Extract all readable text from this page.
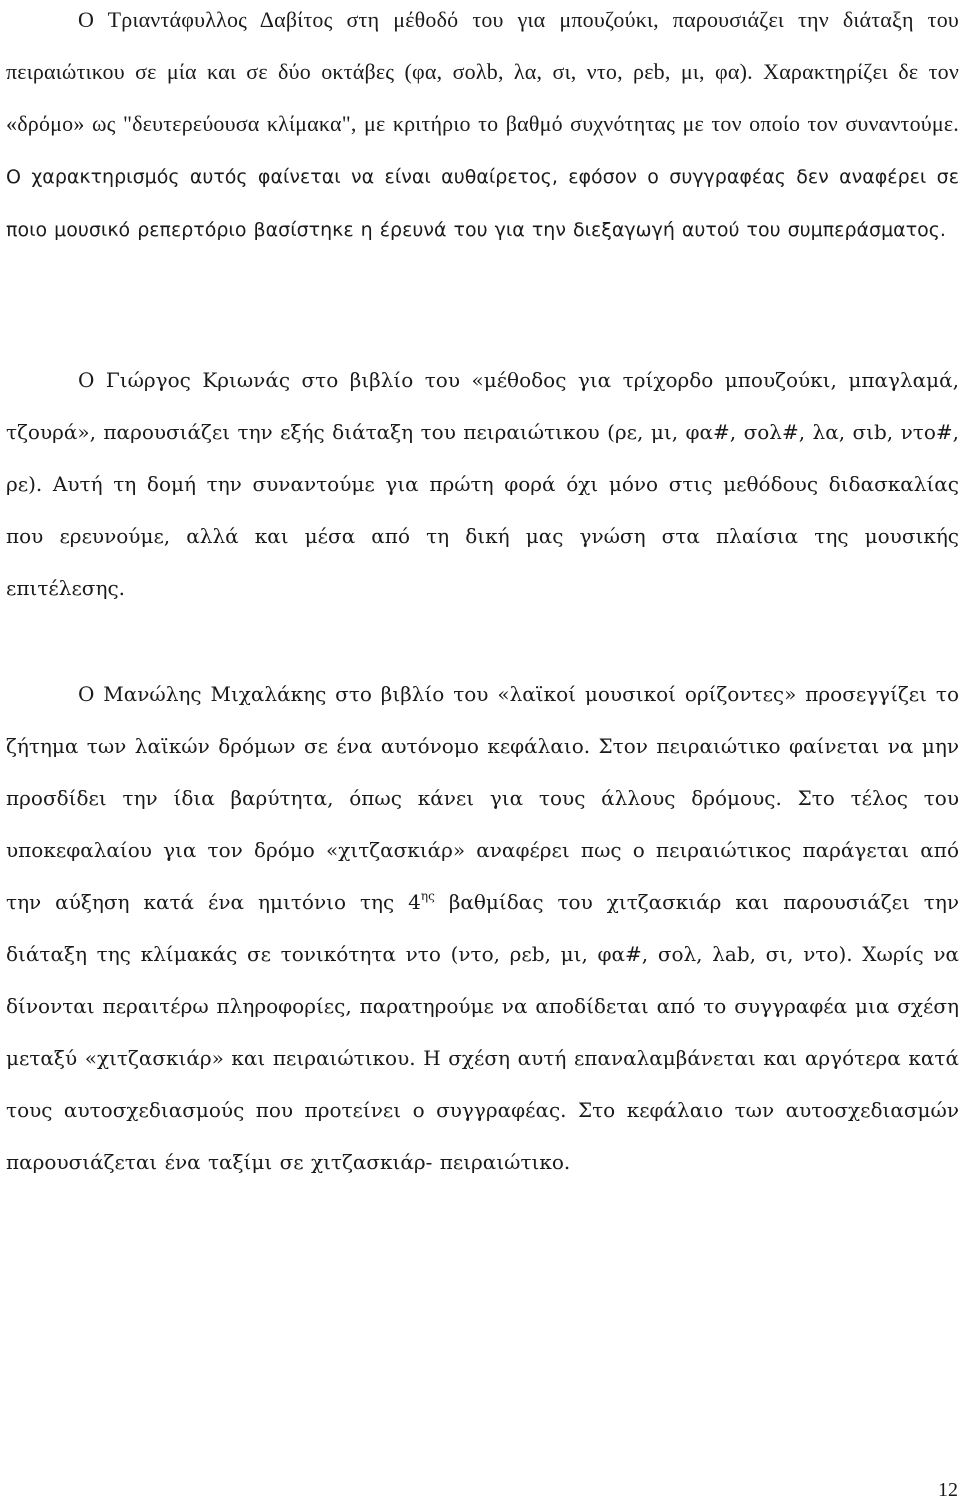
Ο Τριαντάφυλλος Δαβίτος στη μέθοδό του για μπουζούκι, παρουσιάζει την διάταξη του πειραιώτικου σε μία και σε δύο οκτάβες (φα, σολb, λα, σι, ντο, ρεb, μι, φα). Χαρακτηρίζει δε τον «δρόμο» ως "δευτερεύουσα κλίμακα", με κριτήριο το βαθμό συχνότητας με τον οποίο τον συναντούμε. Ο χαρακτηρισμός αυτός φαίνεται να είναι αυθαίρετος, εφόσον ο συγγραφέας δεν αναφέρει σε ποιο μουσικό ρεπερτόριο βασίστηκε η έρευνά του για την διεξαγωγή αυτού του συμπεράσματος.

Ο Γιώργος Κριωνάς στο βιβλίο του «μέθοδος για τρίχορδο μπουζούκι, μπαγλαμά, τζουρά», παρουσιάζει την εξής διάταξη του πειραιώτικου (ρε, μι, φα#, σολ#, λα, σιb, ντο#, ρε). Αυτή τη δομή την συναντούμε για πρώτη φορά όχι μόνο στις μεθόδους διδασκαλίας που ερευνούμε, αλλά και μέσα από τη δική μας γνώση στα πλαίσια της μουσικής επιτέλεσης.

Ο Μανώλης Μιχαλάκης στο βιβλίο του «λαϊκοί μουσικοί ορίζοντες» προσεγγίζει το ζήτημα των λαϊκών δρόμων σε ένα αυτόνομο κεφάλαιο. Στον πειραιώτικο φαίνεται να μην προσδίδει την ίδια βαρύτητα, όπως κάνει για τους άλλους δρόμους. Στο τέλος του υποκεφαλαίου για τον δρόμο «χιτζασκιάρ» αναφέρει πως ο πειραιώτικος παράγεται από την αύξηση κατά ένα ημιτόνιο της $4^{\eta\varsigma}$ βαθμίδας του χιτζασκιάρ και παρουσιάζει την διάταξη της κλίμακάς σε τονικότητα ντο (ντο, ρεb, μι, φα#, σολ, λab, σι, ντο). Χωρίς να δίνονται περαιτέρω πληροφορίες, παρατηρούμε να αποδίδεται από το συγγραφέα μια σχέση μεταξύ «χιτζασκιάρ» και πειραιώτικου. Η σχέση αυτή επαναλαμβάνεται και αργότερα κατά τους αυτοσχεδιασμούς που προτείνει ο συγγραφέας. Στο κεφάλαιο των αυτοσχεδιασμών παρουσιάζεται ένα ταξίμι σε χιτζασκιάρ- πειραιώτικο.

12
